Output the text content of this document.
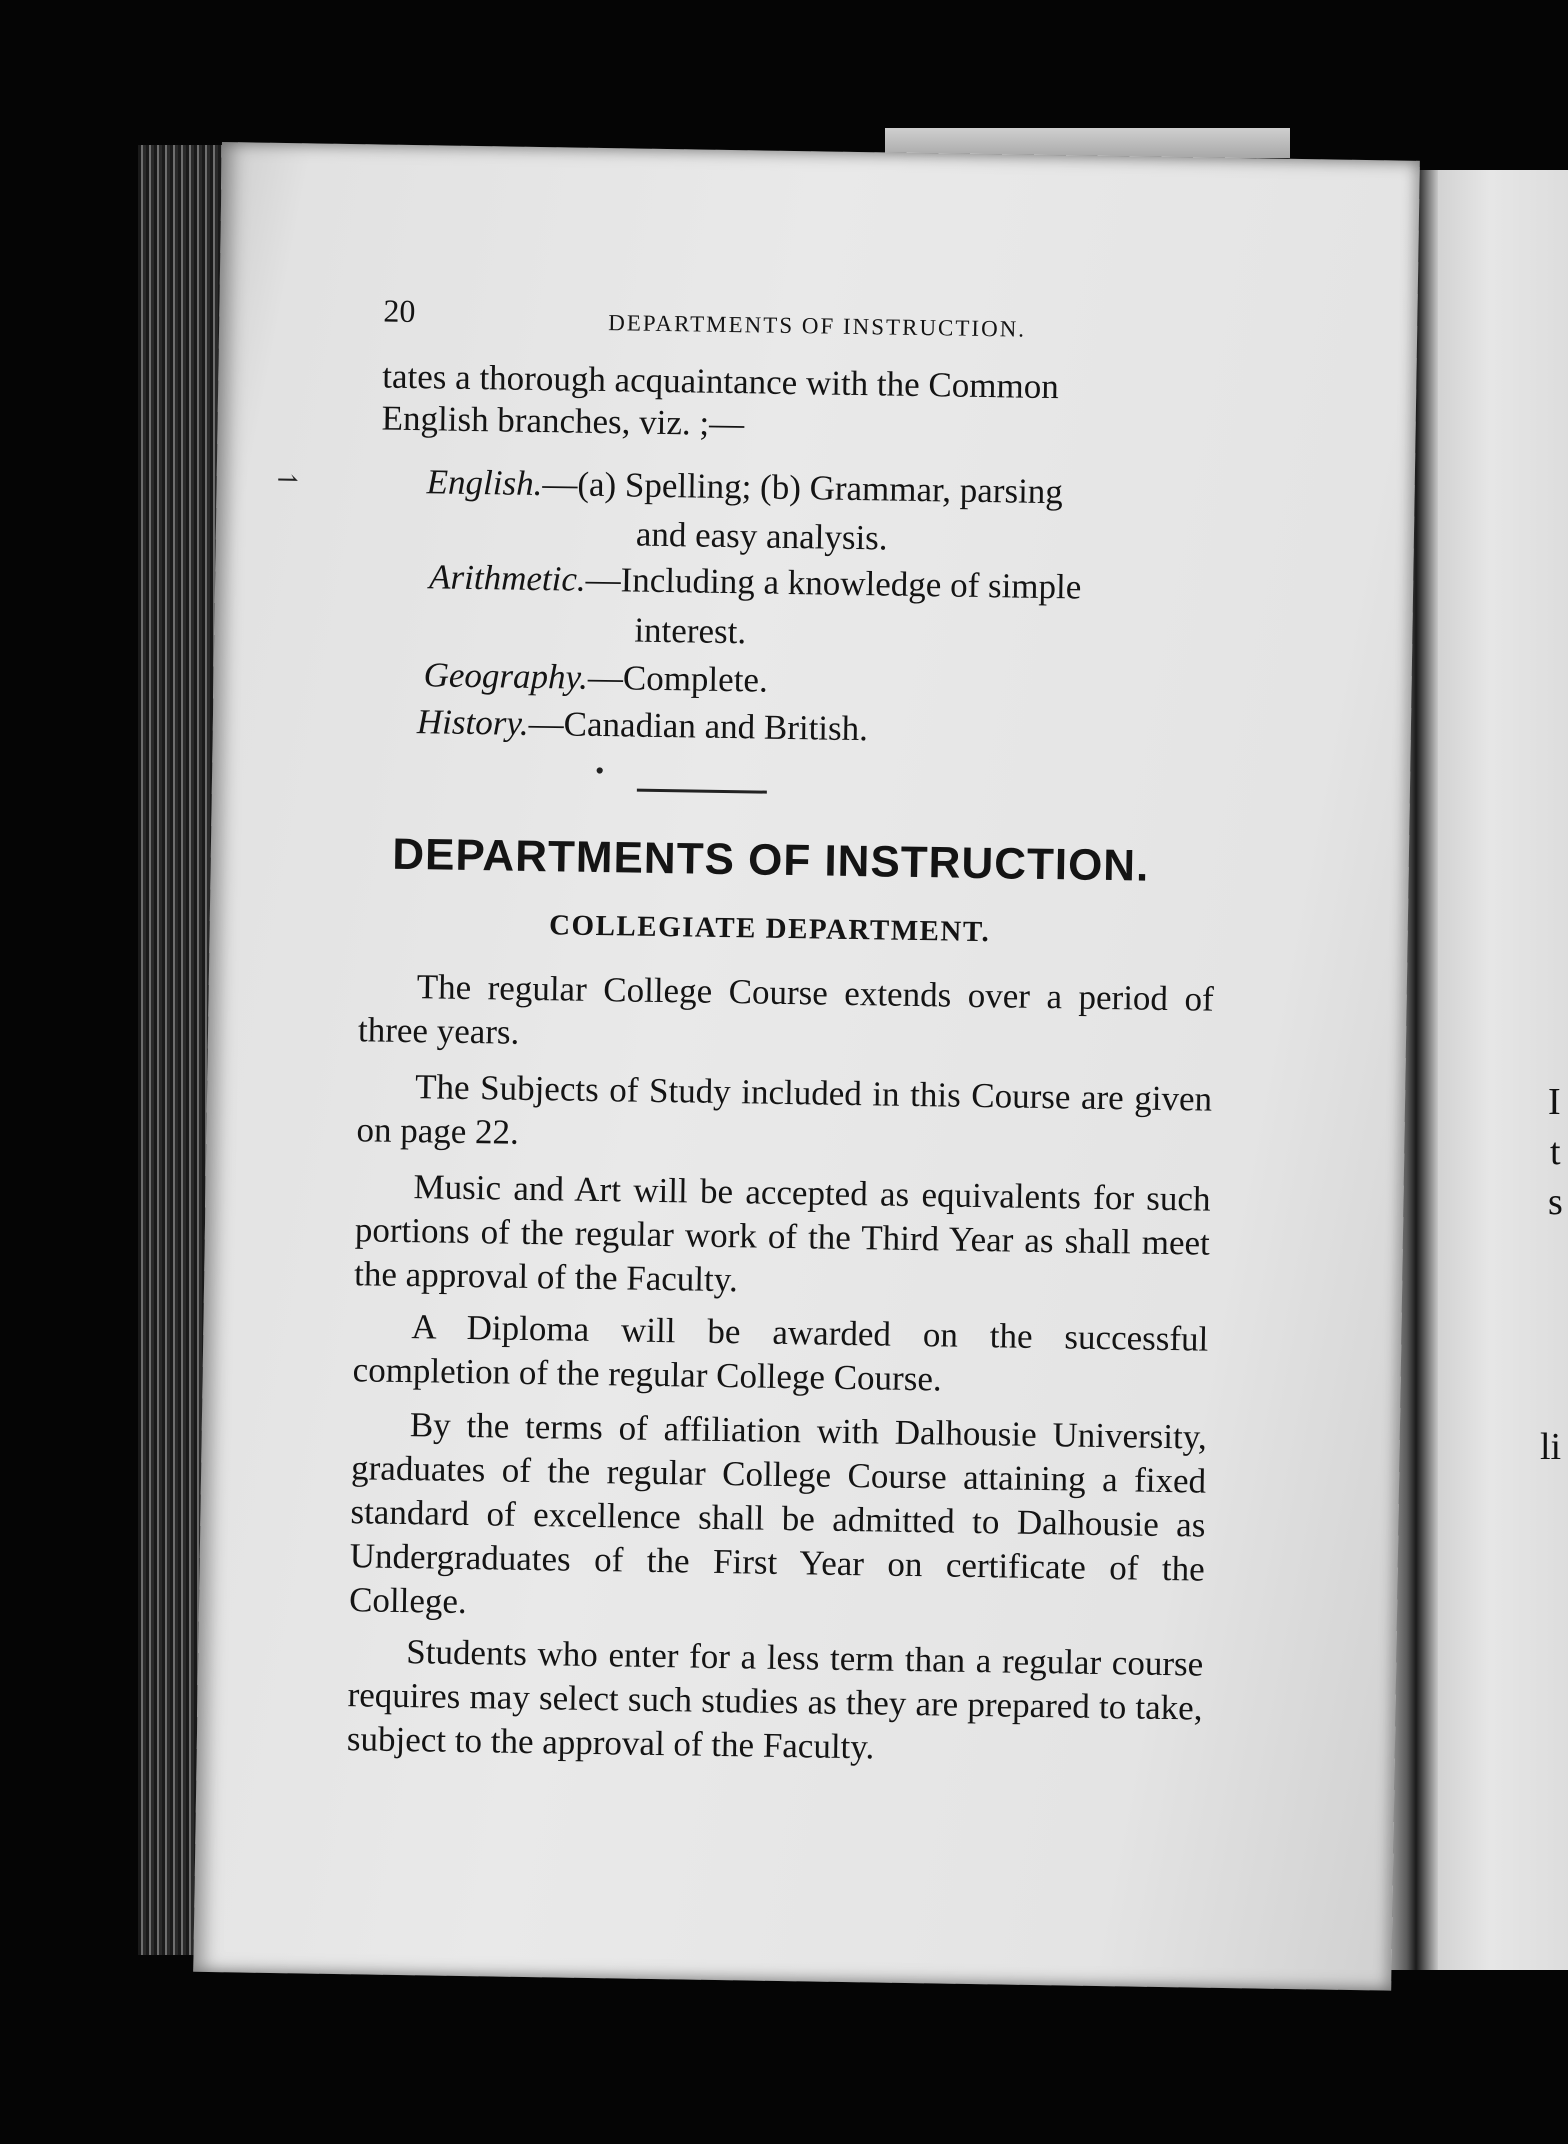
I
t
s
li
20	DEPARTMENTS OF INSTRUCTION.
tates a thorough acquaintance with the Common
English branches, viz. ;—
English.—(a) Spelling; (b) Grammar, parsing
and easy analysis.
Arithmetic.—Including a knowledge of simple
interest.
Geography.—Complete.
History.—Canadian and British.
DEPARTMENTS OF INSTRUCTION.
COLLEGIATE DEPARTMENT.
The regular College Course extends over a period of three years.
The Subjects of Study included in this Course are given on page 22.
Music and Art will be accepted as equivalents for such portions of the regular work of the Third Year as shall meet the approval of the Faculty.
A Diploma will be awarded on the successful completion of the regular College Course.
By the terms of affiliation with Dalhousie University, graduates of the regular College Course attaining a fixed standard of excellence shall be admitted to Dalhousie as Undergraduates of the First Year on certificate of the College.
Students who enter for a less term than a regular course requires may select such studies as they are prepared to take, subject to the approval of the Faculty.
⇀
•
